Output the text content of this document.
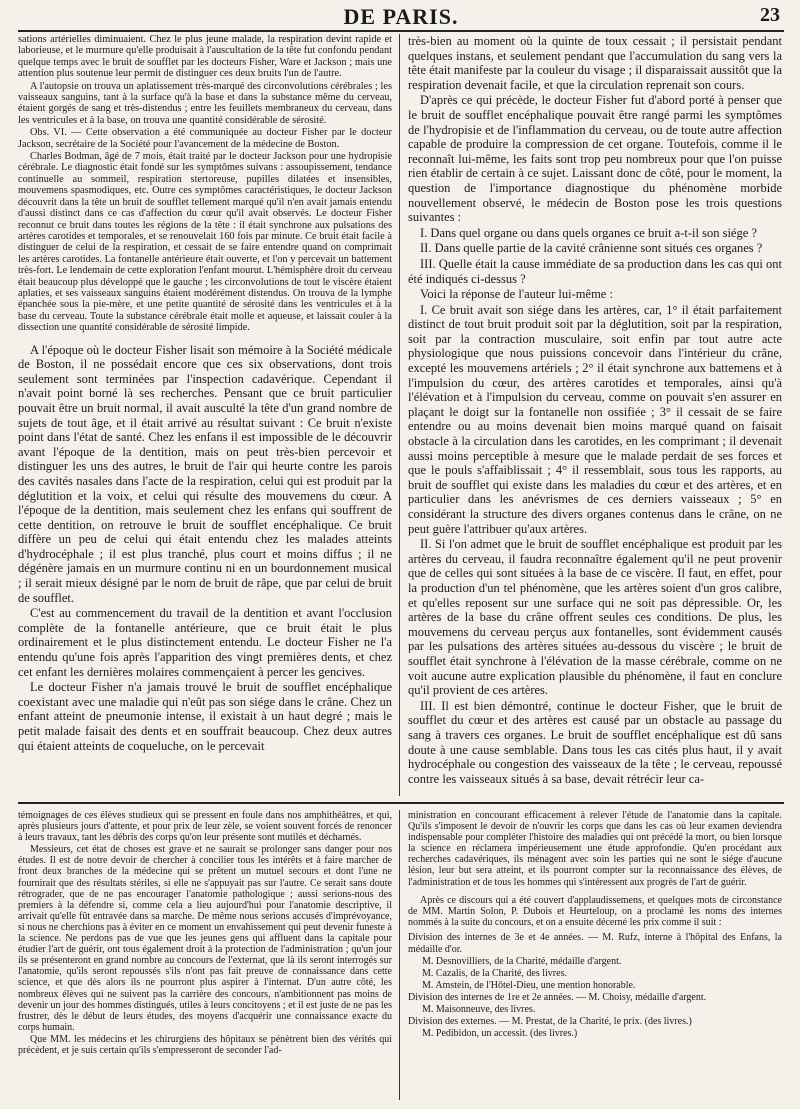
DE PARIS.	23

sations artérielles diminuaient. Chez le plus jeune malade, la respiration devint rapide et laborieuse, et le murmure qu'elle produisait à l'auscultation de la tête fut confondu pendant quelque temps avec le bruit de soufflet par les docteurs Fisher, Ware et Jackson ; mais une attention plus soutenue leur permit de distinguer ces deux bruits l'un de l'autre.

A l'autopsie on trouva un aplatissement très-marqué des circonvolutions cérébrales ; les vaisseaux sanguins, tant à la surface qu'à la base et dans la substance même du cerveau, étaient gorgés de sang et très-distendus ; entre les feuillets membraneux du cerveau, dans les ventricules et à la base, on trouva une quantité considérable de sérosité.

Obs. VI. — Cette observation a été communiquée au docteur Fisher par le docteur Jackson, secrétaire de la Société pour l'avancement de la médecine de Boston.

Charles Bodman, âgé de 7 mois, était traité par le docteur Jackson pour une hydropisie cérébrale. Le diagnostic était fondé sur les symptômes suivans : assoupissement, tendance continuelle au sommeil, respiration stertoreuse, pupilles dilatées et insensibles, mouvemens spasmodiques, etc. Outre ces symptômes caractéristiques, le docteur Jackson découvrit dans la tête un bruit de soufflet tellement marqué qu'il n'en avait jamais entendu d'aussi distinct dans ce cas d'affection du cœur qu'il avait observés. Le docteur Fisher reconnut ce bruit dans toutes les régions de la tête : il était synchrone aux pulsations des artères carotides et temporales, et se renouvelait 160 fois par minute. Ce bruit était facile à distinguer de celui de la respiration, et cessait de se faire entendre quand on comprimait les artères carotides. La fontanelle antérieure était ouverte, et l'on y percevait un battement très-fort. Le lendemain de cette exploration l'enfant mourut. L'hémisphère droit du cerveau était beaucoup plus développé que le gauche ; les circonvolutions de tout le viscère étaient aplaties, et ses vaisseaux sanguins étaient modérément distendus. On trouva de la lymphe épanchée sous la pie-mère, et une petite quantité de sérosité dans les ventricules et à la base du cerveau. Toute la substance cérébrale était molle et aqueuse, et laissait couler à la dissection une quantité considérable de sérosité limpide.

A l'époque où le docteur Fisher lisait son mémoire à la Société médicale de Boston, il ne possédait encore que ces six observations, dont trois seulement sont terminées par l'inspection cadavérique. Cependant il n'avait point borné là ses recherches. Pensant que ce bruit particulier pouvait être un bruit normal, il avait ausculté la tête d'un grand nombre de sujets de tout âge, et il était arrivé au résultat suivant : Ce bruit n'existe point dans l'état de santé. Chez les enfans il est impossible de le découvrir avant l'époque de la dentition, mais on peut très-bien percevoir et distinguer les uns des autres, le bruit de l'air qui heurte contre les parois des cavités nasales dans l'acte de la respiration, celui qui est produit par la déglutition et la voix, et celui qui résulte des mouvemens du cœur. A l'époque de la dentition, mais seulement chez les enfans qui souffrent de cette dentition, on retrouve le bruit de soufflet encéphalique. Ce bruit diffère un peu de celui qui était entendu chez les malades atteints d'hydrocéphale ; il est plus tranché, plus court et moins diffus ; il ne dégénère jamais en un murmure continu ni en un bourdonnement musical ; il serait mieux désigné par le nom de bruit de râpe, que par celui de bruit de soufflet.

C'est au commencement du travail de la dentition et avant l'occlusion complète de la fontanelle antérieure, que ce bruit était le plus ordinairement et le plus distinctement entendu. Le docteur Fisher ne l'a entendu qu'une fois après l'apparition des vingt premières dents, et chez cet enfant les dernières molaires commençaient à percer les gencives.

Le docteur Fisher n'a jamais trouvé le bruit de soufflet encéphalique coexistant avec une maladie qui n'eût pas son siége dans le crâne. Chez un enfant atteint de pneumonie intense, il existait à un haut degré ; mais le petit malade faisait des dents et en souffrait beaucoup. Chez deux autres qui étaient atteints de coqueluche, on le percevait

très-bien au moment où la quinte de toux cessait ; il persistait pendant quelques instans, et seulement pendant que l'accumulation du sang vers la tête était manifeste par la couleur du visage ; il disparaissait aussitôt que la respiration devenait facile, et que la circulation reprenait son cours.

D'après ce qui précède, le docteur Fisher fut d'abord porté à penser que le bruit de soufflet encéphalique pouvait être rangé parmi les symptômes de l'hydropisie et de l'inflammation du cerveau, ou de toute autre affection capable de produire la compression de cet organe. Toutefois, comme il le reconnaît lui-même, les faits sont trop peu nombreux pour que l'on puisse rien établir de certain à ce sujet. Laissant donc de côté, pour le moment, la question de l'importance diagnostique du phénomène morbide nouvellement observé, le médecin de Boston pose les trois questions suivantes :

I. Dans quel organe ou dans quels organes ce bruit a-t-il son siége ?

II. Dans quelle partie de la cavité crânienne sont situés ces organes ?

III. Quelle était la cause immédiate de sa production dans les cas qui ont été indiqués ci-dessus ?

Voici la réponse de l'auteur lui-même :

I. Ce bruit avait son siége dans les artères, car, 1° il était parfaitement distinct de tout bruit produit soit par la déglutition, soit par la respiration, soit par la contraction musculaire, soit enfin par tout autre acte physiologique que nous puissions concevoir dans l'intérieur du crâne, excepté les mouvemens artériels ; 2° il était synchrone aux battemens et à l'impulsion du cœur, des artères carotides et temporales, ainsi qu'à l'élévation et à l'impulsion du cerveau, comme on pouvait s'en assurer en plaçant le doigt sur la fontanelle non ossifiée ; 3° il cessait de se faire entendre ou au moins devenait bien moins marqué quand on faisait obstacle à la circulation dans les carotides, en les comprimant ; il devenait aussi moins perceptible à mesure que le malade perdait de ses forces et que le pouls s'affaiblissait ; 4° il ressemblait, sous tous les rapports, au bruit de soufflet qui existe dans les maladies du cœur et des artères, et en particulier dans les anévrismes de ces derniers vaisseaux ; 5° en considérant la structure des divers organes contenus dans le crâne, on ne peut guère l'attribuer qu'aux artères.

II. Si l'on admet que le bruit de soufflet encéphalique est produit par les artères du cerveau, il faudra reconnaître également qu'il ne peut provenir que de celles qui sont situées à la base de ce viscère. Il faut, en effet, pour la production d'un tel phénomène, que les artères soient d'un gros calibre, et qu'elles reposent sur une surface qui ne soit pas dépressible. Or, les artères de la base du crâne offrent seules ces conditions. De plus, les mouvemens du cerveau perçus aux fontanelles, sont évidemment causés par les pulsations des artères situées au-dessous du viscère ; le bruit de soufflet était synchrone à l'élévation de la masse cérébrale, comme on ne voit aucune autre explication plausible du phénomène, il faut en conclure qu'il provient de ces artères.

III. Il est bien démontré, continue le docteur Fisher, que le bruit de soufflet du cœur et des artères est causé par un obstacle au passage du sang à travers ces organes. Le bruit de soufflet encéphalique est dû sans doute à une cause semblable. Dans tous les cas cités plus haut, il y avait hydrocéphale ou congestion des vaisseaux de la tête ; le cerveau, repoussé contre les vaisseaux situés à sa base, devait rétrécir leur ca-

témoignages de ces élèves studieux qui se pressent en foule dans nos amphithéâtres, et qui, après plusieurs jours d'attente, et pour prix de leur zèle, se voient souvent forcés de renoncer à leurs travaux, tant les débris des corps qu'on leur présente sont mutilés et décharnés.

Messieurs, cet état de choses est grave et ne saurait se prolonger sans danger pour nos études. Il est de notre devoir de chercher à concilier tous les intérêts et à faire marcher de front deux branches de la médecine qui se prêtent un mutuel secours et dont l'une ne fournirait que des résultats stériles, si elle ne s'appuyait pas sur l'autre. Ce serait sans doute rétrograder, que de ne pas encourager l'anatomie pathologique ; aussi serions-nous des premiers à la défendre si, comme cela a lieu aujourd'hui pour l'anatomie descriptive, il arrivait qu'elle fût entravée dans sa marche. De même nous serions accusés d'imprévoyance, si nous ne cherchions pas à éviter en ce moment un envahissement qui peut devenir funeste à la science. Ne perdons pas de vue que les jeunes gens qui affluent dans la capitale pour étudier l'art de guérir, ont tous également droit à la protection de l'administration ; qu'un jour ils se présenteront en grand nombre au concours de l'externat, que là ils seront interrogés sur l'anatomie, qu'ils seront repoussés s'ils n'ont pas fait preuve de connaissance dans cette science, et que dès alors ils ne pourront plus aspirer à l'internat. D'un autre côté, les nombreux élèves qui ne suivent pas la carrière des concours, n'ambitionnent pas moins de devenir un jour des hommes distingués, utiles à leurs concitoyens ; et il est juste de ne pas les frustrer, dès le début de leurs études, des moyens d'acquérir une connaissance exacte du corps humain.

Que MM. les médecins et les chirurgiens des hôpitaux se pénètrent bien des vérités qui précèdent, et je suis certain qu'ils s'empresseront de seconder l'ad-

ministration en concourant efficacement à relever l'étude de l'anatomie dans la capitale. Qu'ils s'imposent le devoir de n'ouvrir les corps que dans les cas où leur examen deviendra indispensable pour compléter l'histoire des maladies qui ont précédé la mort, ou bien lorsque la science en réclamera impérieusement une étude approfondie. Qu'en procédant aux recherches cadavériques, ils ménagent avec soin les parties qui ne sont le siége d'aucune lésion, leur but sera atteint, et ils pourront compter sur la reconnaissance des élèves, de l'administration et de tous les hommes qui s'intéressent aux progrès de l'art de guérir.

Après ce discours qui a été couvert d'applaudissemens, et quelques mots de circonstance de MM. Martin Solon, P. Dubois et Heurteloup, on a proclamé les noms des internes nommés à la suite du concours, et on a ensuite décerné les prix comme il suit :

Division des internes de 3e et 4e années. — M. Rufz, interne à l'hôpital des Enfans, la médaille d'or.
M. Desnovilliers, de la Charité, médaille d'argent.
M. Cazalis, de la Charité, des livres.
M. Amstein, de l'Hôtel-Dieu, une mention honorable.
Division des internes de 1re et 2e années. — M. Choisy, médaille d'argent.
M. Maisonneuve, des livres.
Division des externes. — M. Prestat, de la Charité, le prix. (des livres.)
M. Pedibidon, un accessit. (des livres.)
